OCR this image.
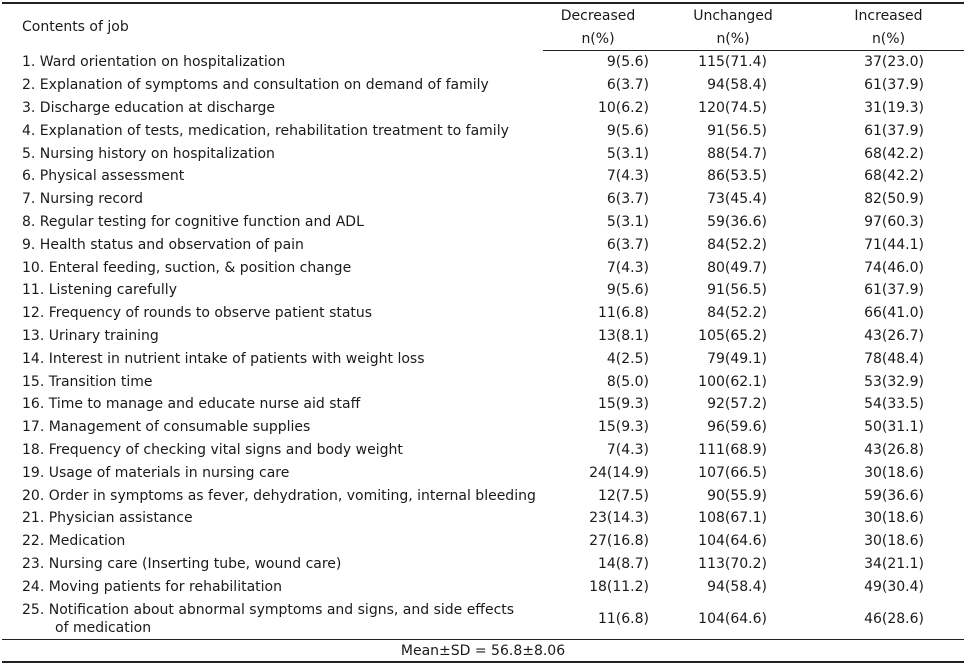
Contents of job	Decreased	Unchanged	Increased
	n(%)	n(%)	n(%)
1. Ward orientation on hospitalization	9(5.6)	115(71.4)	37(23.0)
2. Explanation of symptoms and consultation on demand of family	6(3.7)	94(58.4)	61(37.9)
3. Discharge education at discharge	10(6.2)	120(74.5)	31(19.3)
4. Explanation of tests, medication, rehabilitation treatment to family	9(5.6)	91(56.5)	61(37.9)
5. Nursing history on hospitalization	5(3.1)	88(54.7)	68(42.2)
6. Physical assessment	7(4.3)	86(53.5)	68(42.2)
7. Nursing record	6(3.7)	73(45.4)	82(50.9)
8. Regular testing for cognitive function and ADL	5(3.1)	59(36.6)	97(60.3)
9. Health status and observation of pain	6(3.7)	84(52.2)	71(44.1)
10. Enteral feeding, suction, & position change	7(4.3)	80(49.7)	74(46.0)
11. Listening carefully	9(5.6)	91(56.5)	61(37.9)
12. Frequency of rounds to observe patient status	11(6.8)	84(52.2)	66(41.0)
13. Urinary training	13(8.1)	105(65.2)	43(26.7)
14. Interest in nutrient intake of patients with weight loss	4(2.5)	79(49.1)	78(48.4)
15. Transition time	8(5.0)	100(62.1)	53(32.9)
16. Time to manage and educate nurse aid staff	15(9.3)	92(57.2)	54(33.5)
17. Management of consumable supplies	15(9.3)	96(59.6)	50(31.1)
18. Frequency of checking vital signs and body weight	7(4.3)	111(68.9)	43(26.8)
19. Usage of materials in nursing care	24(14.9)	107(66.5)	30(18.6)
20. Order in symptoms as fever, dehydration, vomiting, internal bleeding	12(7.5)	90(55.9)	59(36.6)
21. Physician assistance	23(14.3)	108(67.1)	30(18.6)
22. Medication	27(16.8)	104(64.6)	30(18.6)
23. Nursing care (Inserting tube, wound care)	14(8.7)	113(70.2)	34(21.1)
24. Moving patients for rehabilitation	18(11.2)	94(58.4)	49(30.4)
25. Notification about abnormal symptoms and signs, and side effects
of medication	11(6.8)	104(64.6)	46(28.6)
Mean±SD = 56.8±8.06			
